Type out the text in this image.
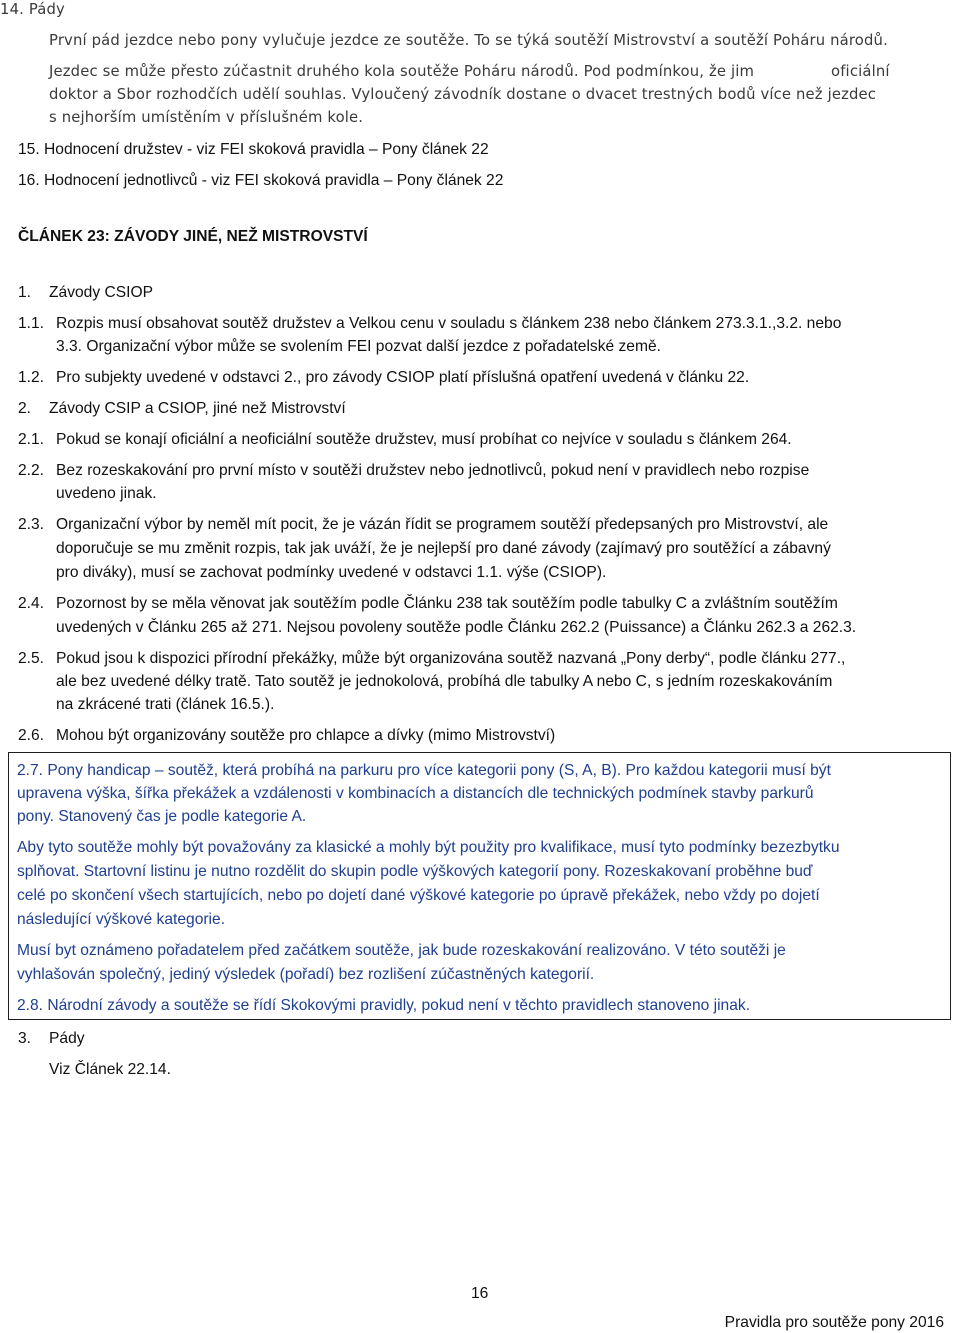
14. Pády
První pád jezdce nebo pony vylučuje jezdce ze soutěže. To se týká soutěží Mistrovství a soutěží Poháru národů.
Jezdec se může přesto zúčastnit druhého kola soutěže Poháru národů. Pod podmínkou, že jim	oficiální
doktor a Sbor rozhodčích udělí souhlas. Vyloučený závodník dostane o dvacet trestných bodů více než jezdec
s nejhorším umístěním v příslušném kole.
15. Hodnocení družstev - viz FEI skoková pravidla – Pony článek 22
16. Hodnocení jednotlivců - viz FEI skoková pravidla – Pony článek 22
ČLÁNEK 23: ZÁVODY JINÉ, NEŽ MISTROVSTVÍ
1. Závody CSIOP
1.1. Rozpis musí obsahovat soutěž družstev a Velkou cenu v souladu s článkem 238 nebo článkem 273.3.1.,3.2. nebo
3.3. Organizační výbor může se svolením FEI pozvat další jezdce z pořadatelské země.
1.2. Pro subjekty uvedené v odstavci 2., pro závody CSIOP platí příslušná opatření uvedená v článku 22.
2. Závody CSIP a CSIOP, jiné než Mistrovství
2.1. Pokud se konají oficiální a neoficiální soutěže družstev, musí probíhat co nejvíce v souladu s článkem 264.
2.2. Bez rozeskakování pro první místo v soutěži družstev nebo jednotlivců, pokud není v pravidlech nebo rozpise
uvedeno jinak.
2.3. Organizační výbor by neměl mít pocit, že je vázán řídit se programem soutěží předepsaných pro Mistrovství, ale
doporučuje se mu změnit rozpis, tak jak uváží, že je nejlepší pro dané závody (zajímavý pro soutěžící a zábavný
pro diváky), musí se zachovat podmínky uvedené v odstavci 1.1. výše (CSIOP).
2.4. Pozornost by se měla věnovat jak soutěžím podle Článku 238 tak soutěžím podle tabulky C a zvláštním soutěžím
uvedených v Článku 265 až 271. Nejsou povoleny soutěže podle Článku 262.2 (Puissance) a Článku 262.3 a 262.3.
2.5. Pokud jsou k dispozici přírodní překážky, může být organizována soutěž nazvaná „Pony derby“, podle článku 277.,
ale bez uvedené délky tratě. Tato soutěž je jednokolová, probíhá dle tabulky A nebo C, s jedním rozeskakováním
na zkrácené trati (článek 16.5.).
2.6. Mohou být organizovány soutěže pro chlapce a dívky (mimo Mistrovství)
2.7. Pony handicap – soutěž, která probíhá na parkuru pro více kategorii pony (S, A, B). Pro každou kategorii musí být
upravena výška, šířka překážek a vzdálenosti v kombinacích a distancích dle technických podmínek stavby parkurů
pony. Stanovený čas je podle kategorie A.
Aby tyto soutěže mohly být považovány za klasické a mohly být použity pro kvalifikace, musí tyto podmínky bezezbytku
splňovat. Startovní listinu je nutno rozdělit do skupin podle výškových kategorií pony. Rozeskakovaní proběhne buď
celé po skončení všech startujících, nebo po dojetí dané výškové kategorie po úpravě překážek, nebo vždy po dojetí
následující výškové kategorie.
Musí byt oznámeno pořadatelem před začátkem soutěže, jak bude rozeskakování realizováno. V této soutěži je
vyhlašován společný, jediný výsledek (pořadí) bez rozlišení zúčastněných kategorií.
2.8. Národní závody a soutěže se řídí Skokovými pravidly, pokud není v těchto pravidlech stanoveno jinak.
3. Pády
Viz Článek 22.14.
16
Pravidla pro soutěže pony 2016
